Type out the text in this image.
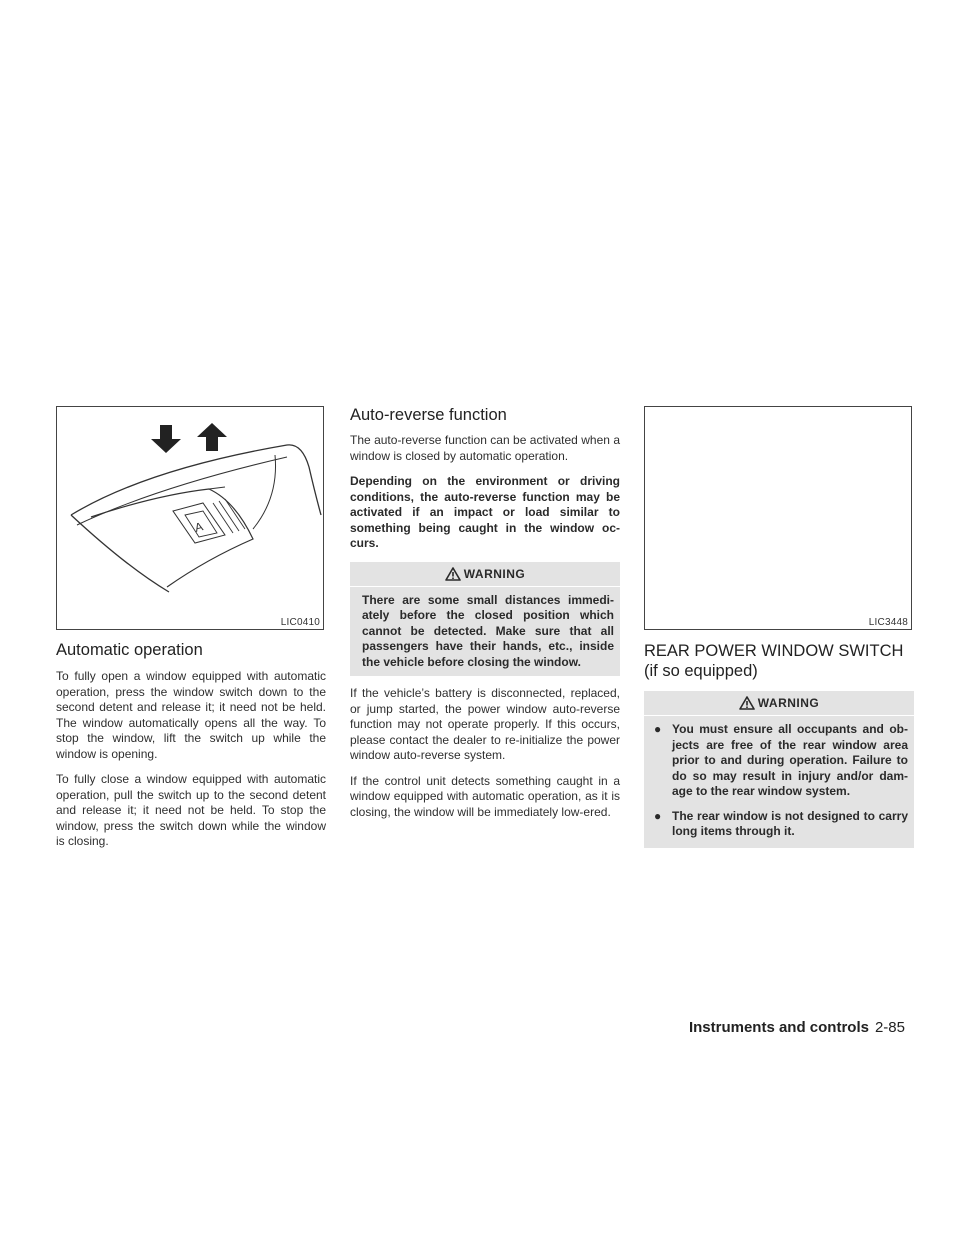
A
LIC0410
Automatic operation

To fully open a window equipped with automatic operation, press the window switch down to the second detent and release it; it need not be held. The window automatically opens all the way. To stop the window, lift the switch up while the window is opening.

To fully close a window equipped with automatic operation, pull the switch up to the second detent and release it; it need not be held. To stop the window, press the switch down while the window is closing.

Auto-reverse function

The auto-reverse function can be activated when a window is closed by automatic operation.

Depending on the environment or driving conditions, the auto-reverse function may be activated if an impact or load similar to something being caught in the window oc-curs.

WARNING
There are some small distances immedi-ately before the closed position which cannot be detected. Make sure that all passengers have their hands, etc., inside the vehicle before closing the window.

If the vehicle’s battery is disconnected, replaced, or jump started, the power window auto-reverse function may not operate properly. If this occurs, please contact the dealer to re-initialize the power window auto-reverse system.

If the control unit detects something caught in a window equipped with automatic operation, as it is closing, the window will be immediately low-ered.

LIC3448
REAR POWER WINDOW SWITCH
(if so equipped)
WARNING
● You must ensure all occupants and ob-jects are free of the rear window area prior to and during operation. Failure to do so may result in injury and/or dam-age to the rear window system.
● The rear window is not designed to carry long items through it.
Instruments and controls 2-85
